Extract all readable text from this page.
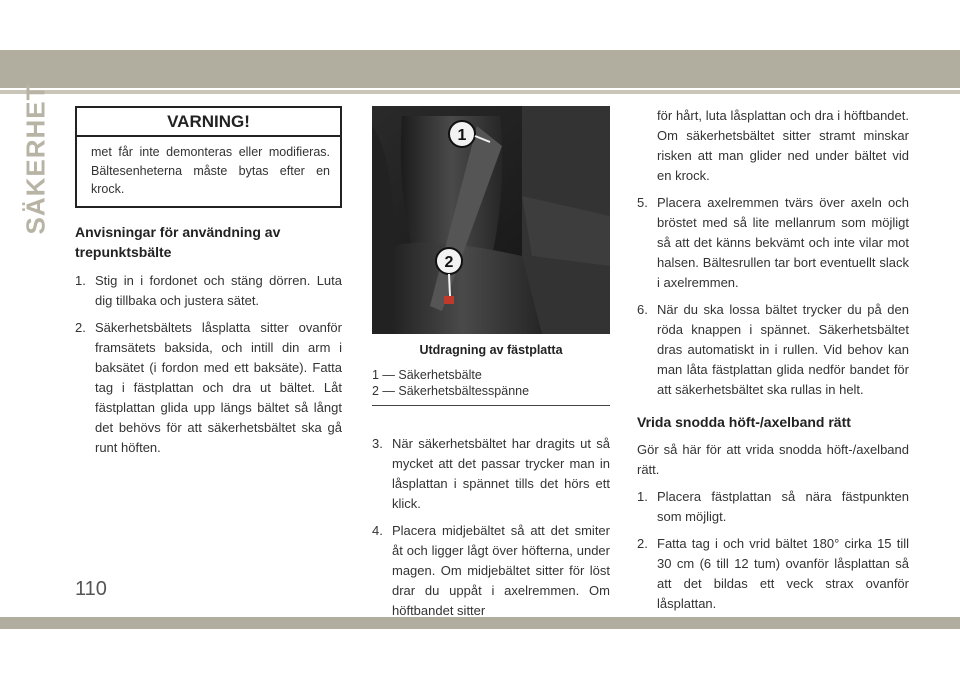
SÄKERHET	VARNING!
met får inte demonteras eller modifieras. Bältesenheterna måste bytas efter en krock.
Anvisningar för användning av trepunktsbälte
1. Stig in i fordonet och stäng dörren. Luta dig tillbaka och justera sätet.
2. Säkerhetsbältets låsplatta sitter ovanför framsätets baksida, och intill din arm i baksätet (i fordon med ett baksäte). Fatta tag i fästplattan och dra ut bältet. Låt fästplattan glida upp längs bältet så långt det behövs för att säkerhetsbältet ska gå runt höften.
1
2
Utdragning av fästplatta
1 — Säkerhetsbälte
2 — Säkerhetsbältesspänne
3. När säkerhetsbältet har dragits ut så mycket att det passar trycker man in låsplattan i spännet tills det hörs ett klick.
4. Placera midjebältet så att det smiter åt och ligger lågt över höfterna, under magen. Om midjebältet sitter för löst drar du uppåt i axelremmen. Om höftbandet sitter

för hårt, luta låsplattan och dra i höftbandet. Om säkerhetsbältet sitter stramt minskar risken att man glider ned under bältet vid en krock.

5. Placera axelremmen tvärs över axeln och bröstet med så lite mellanrum som möjligt så att det känns bekvämt och inte vilar mot halsen. Bältesrullen tar bort eventuellt slack i axelremmen.
6. När du ska lossa bältet trycker du på den röda knappen i spännet. Säkerhetsbältet dras automatiskt in i rullen. Vid behov kan man låta fästplattan glida nedför bandet för att säkerhetsbältet ska rullas in helt.
Vrida snodda höft-/axelband rätt

Gör så här för att vrida snodda höft-/axelband rätt.

1. Placera fästplattan så nära fästpunkten som möjligt.
2. Fatta tag i och vrid bältet 180° cirka 15 till 30 cm (6 till 12 tum) ovanför låsplattan så att det bildas ett veck strax ovanför låsplattan.
110
